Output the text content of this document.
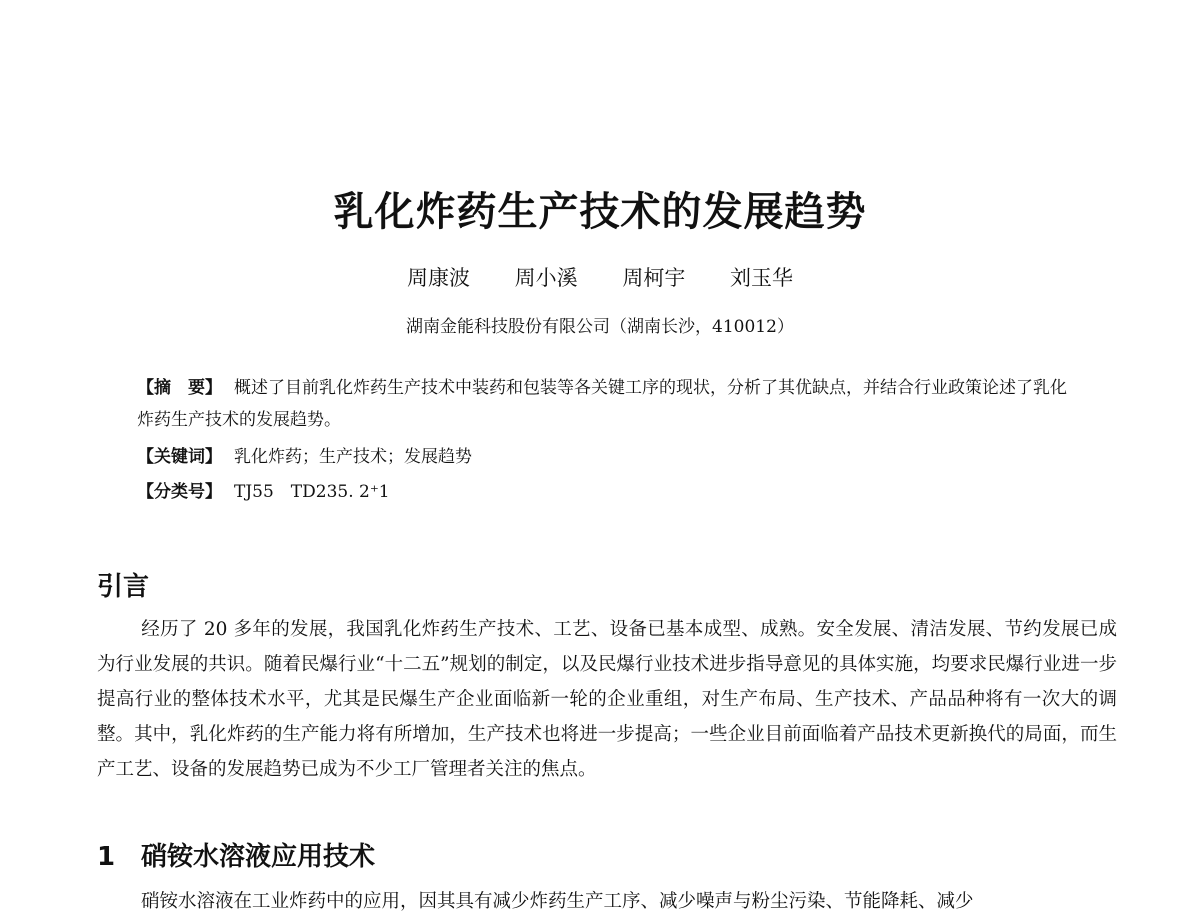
乳化炸药生产技术的发展趋势
周康波 周小溪 周柯宇 刘玉华
湖南金能科技股份有限公司（湖南长沙，410012）
【摘　要】 概述了目前乳化炸药生产技术中装药和包装等各关键工序的现状，分析了其优缺点，并结合行业政策论述了乳化炸药生产技术的发展趋势。
【关键词】 乳化炸药；生产技术；发展趋势
【分类号】 TJ55　TD235. 2⁺1
引言
经历了 20 多年的发展，我国乳化炸药生产技术、工艺、设备已基本成型、成熟。安全发展、清洁发展、节约发展已成为行业发展的共识。随着民爆行业“十二五”规划的制定，以及民爆行业技术进步指导意见的具体实施，均要求民爆行业进一步提高行业的整体技术水平，尤其是民爆生产企业面临新一轮的企业重组，对生产布局、生产技术、产品品种将有一次大的调整。其中，乳化炸药的生产能力将有所增加，生产技术也将进一步提高；一些企业目前面临着产品技术更新换代的局面，而生产工艺、设备的发展趋势已成为不少工厂管理者关注的焦点。
1 硝铵水溶液应用技术
硝铵水溶液在工业炸药中的应用，因其具有减少炸药生产工序、减少噪声与粉尘污染、节能降耗、减少
